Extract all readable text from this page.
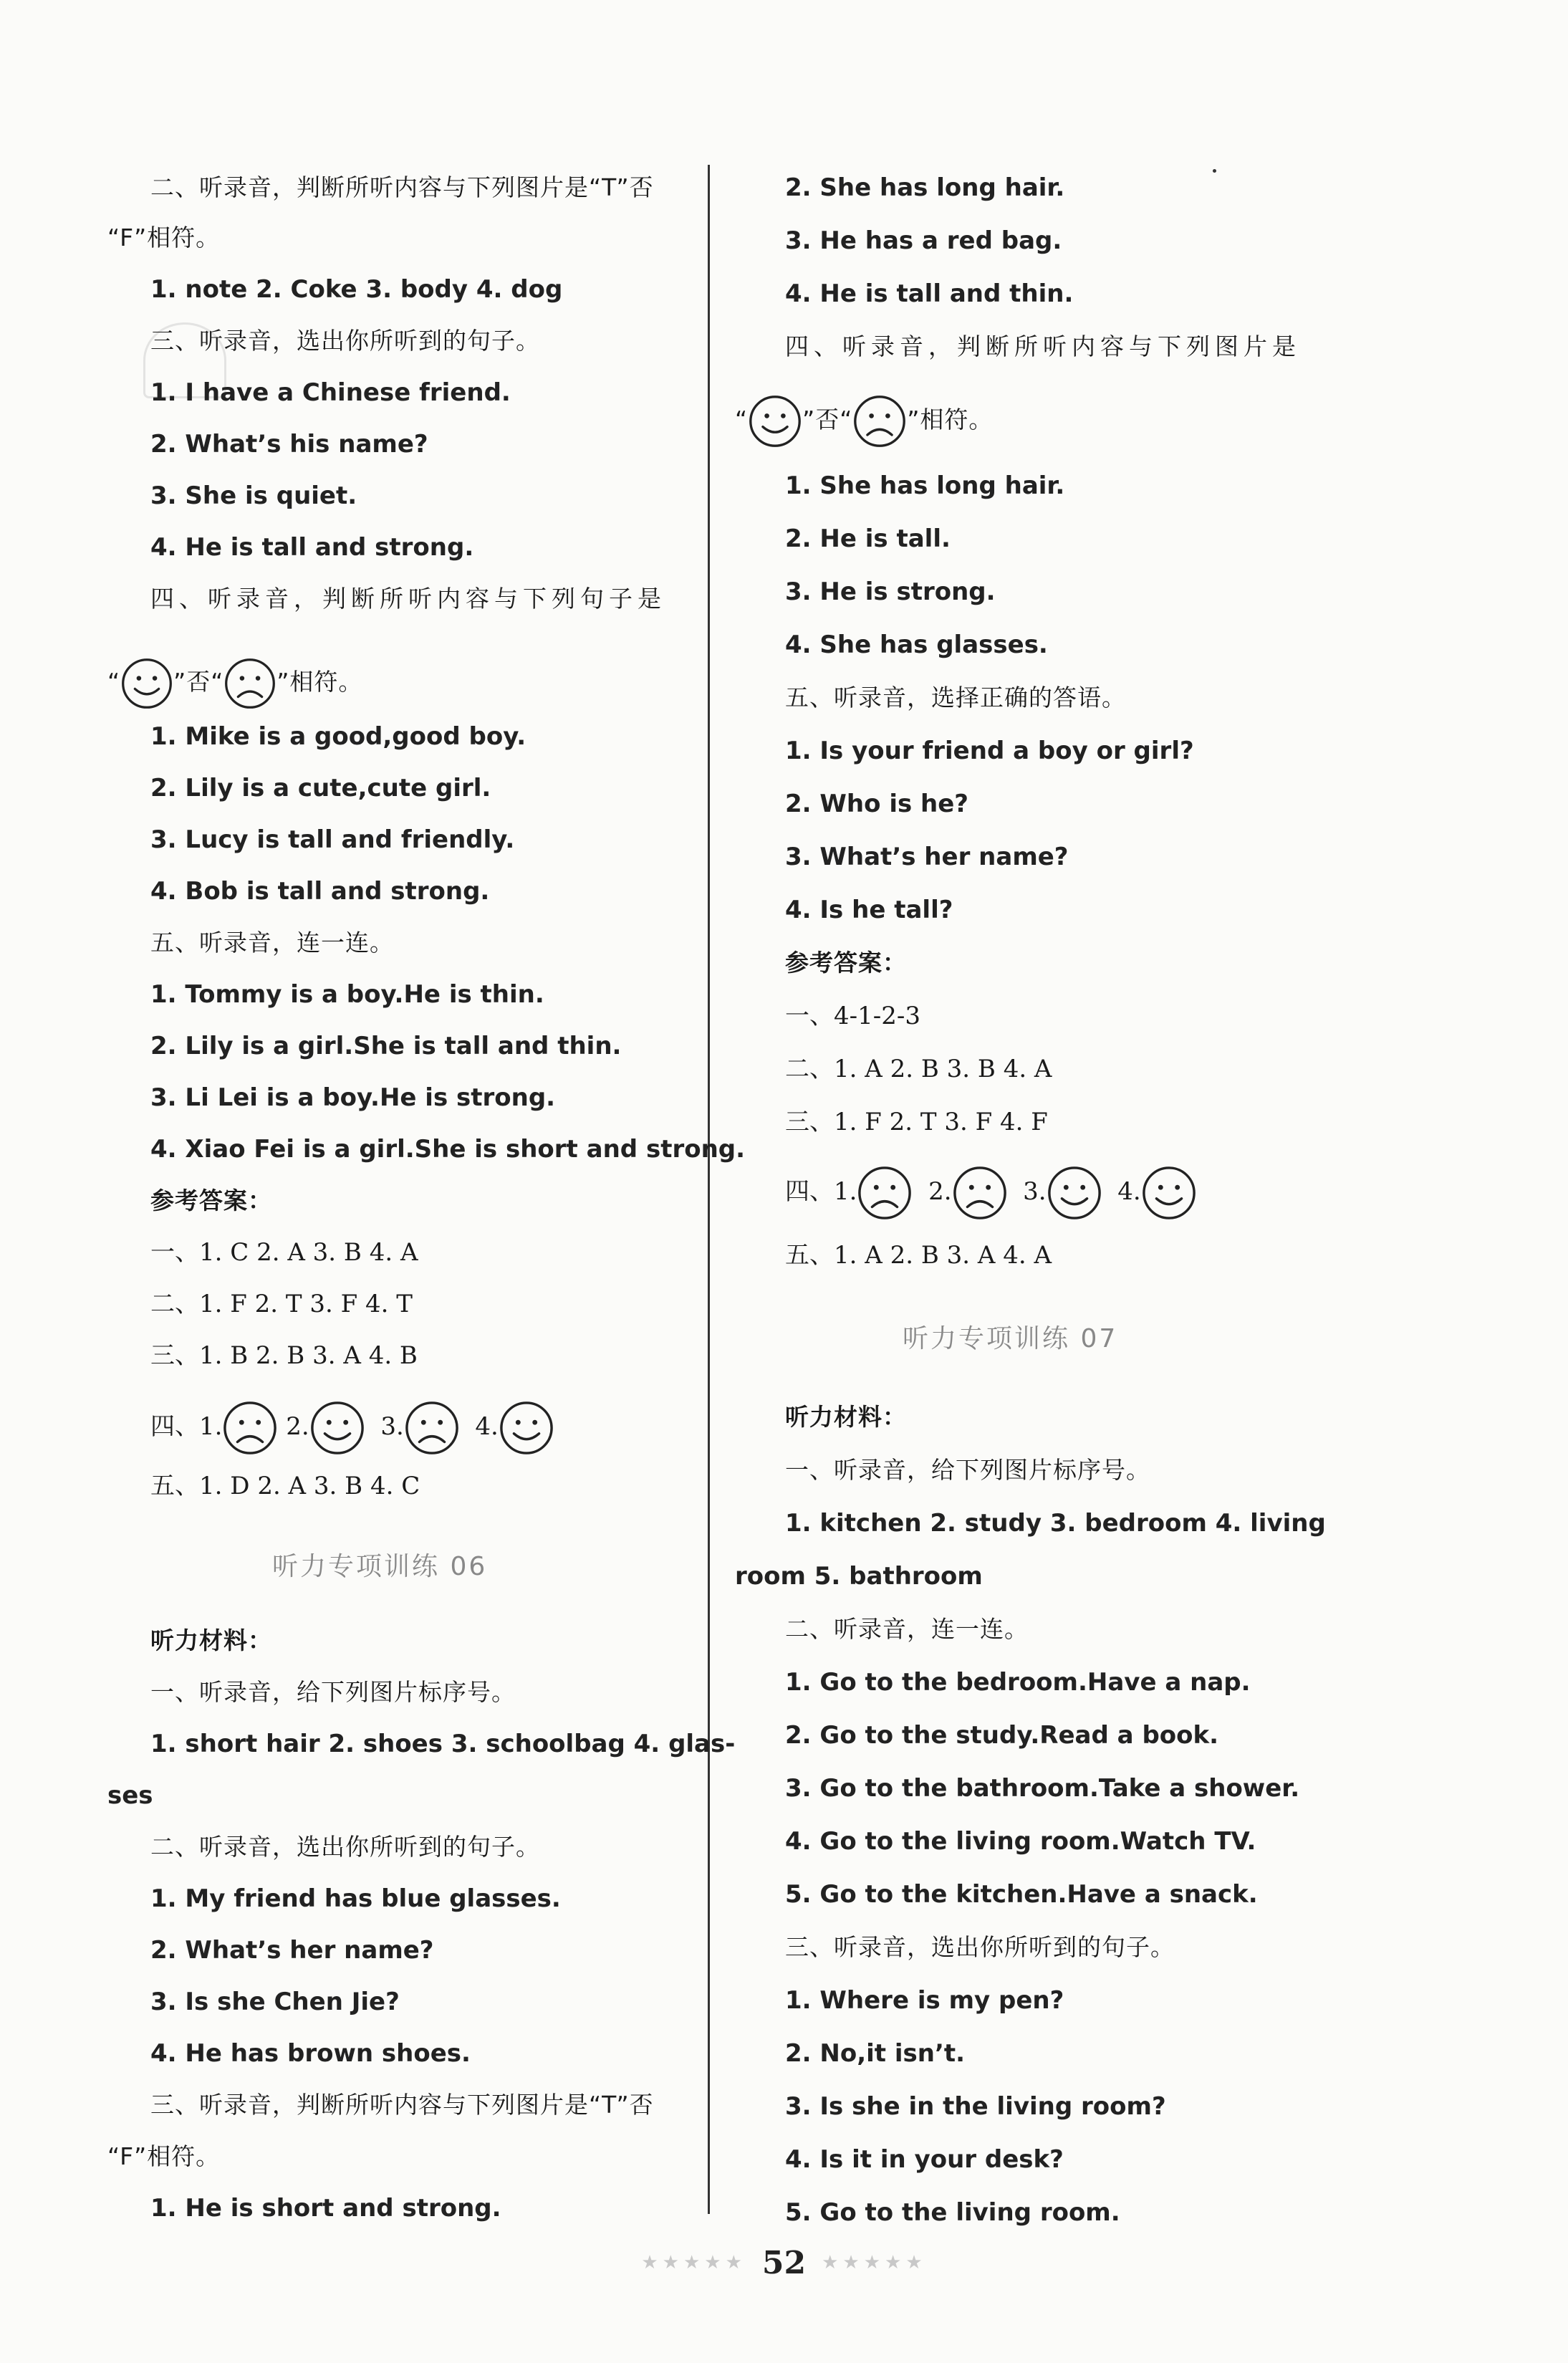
二、听录音，判断所听内容与下列图片是“T”否
“F”相符。
1. note 2. Coke 3. body 4. dog
三、听录音，选出你所听到的句子。
1. I have a Chinese friend.
2. What’s his name?
3. She is quiet.
4. He is tall and strong.
四、听录音，判断所听内容与下列句子是
“ ”否“ ”相符。
1. Mike is a good,good boy.
2. Lily is a cute,cute girl.
3. Lucy is tall and friendly.
4. Bob is tall and strong.
五、听录音，连一连。
1. Tommy is a boy.He is thin.
2. Lily is a girl.She is tall and thin.
3. Li Lei is a boy.He is strong.
4. Xiao Fei is a girl.She is short and strong.
参考答案：
一、1. C 2. A 3. B 4. A
二、1. F 2. T 3. F 4. T
三、1. B 2. B 3. A 4. B
四、1.	2.	3.	4.
五、1. D 2. A 3. B 4. C
听力专项训练 06
听力材料：
一、听录音，给下列图片标序号。
1. short hair 2. shoes 3. schoolbag 4. glas-
ses
二、听录音，选出你所听到的句子。
1. My friend has blue glasses.
2. What’s her name?
3. Is she Chen Jie?
4. He has brown shoes.
三、听录音，判断所听内容与下列图片是“T”否
“F”相符。
1. He is short and strong.
2. She has long hair.
3. He has a red bag.
4. He is tall and thin.
四、听录音，判断所听内容与下列图片是
“ ”否“ ”相符。
1. She has long hair.
2. He is tall.
3. He is strong.
4. She has glasses.
五、听录音，选择正确的答语。
1. Is your friend a boy or girl?
2. Who is he?
3. What’s her name?
4. Is he tall?
参考答案：
一、4-1-2-3
二、1. A 2. B 3. B 4. A
三、1. F 2. T 3. F 4. F
四、1.	2.	3.	4.
五、1. A 2. B 3. A 4. A
听力专项训练 07
听力材料：
一、听录音，给下列图片标序号。
1. kitchen 2. study 3. bedroom 4. living
room 5. bathroom
二、听录音，连一连。
1. Go to the bedroom.Have a nap.
2. Go to the study.Read a book.
3. Go to the bathroom.Take a shower.
4. Go to the living room.Watch TV.
5. Go to the kitchen.Have a snack.
三、听录音，选出你所听到的句子。
1. Where is my pen?
2. No,it isn’t.
3. Is she in the living room?
4. Is it in your desk?
5. Go to the living room.
★★★★★ 52 ★★★★★
